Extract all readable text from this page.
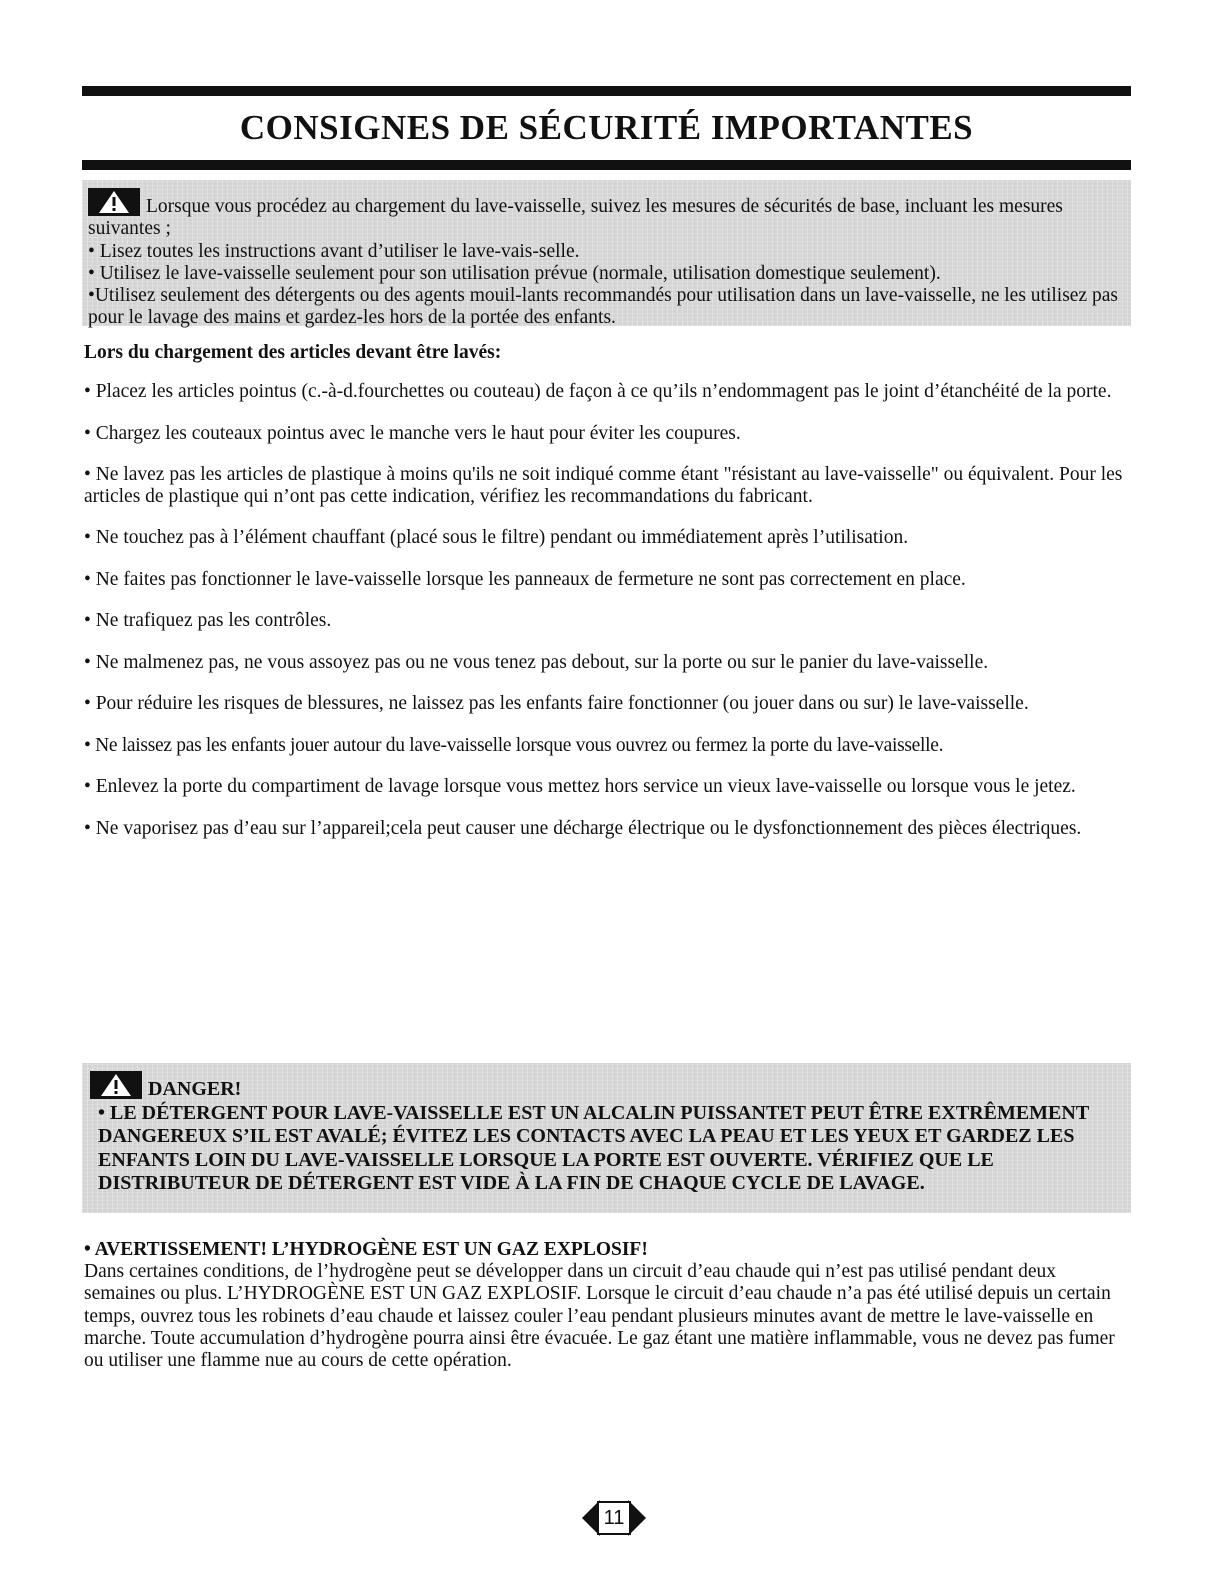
CONSIGNES DE SÉCURITÉ IMPORTANTES
Lorsque vous procédez au chargement du lave-vaisselle, suivez les mesures de sécurités de base, incluant les mesures suivantes ;
• Lisez toutes les instructions avant d’utiliser le lave-vais-selle.
• Utilisez le lave-vaisselle seulement pour son utilisation prévue (normale, utilisation domestique seulement).
•Utilisez seulement des détergents ou des agents mouil-lants recommandés pour utilisation dans un lave-vaisselle, ne les utilisez pas pour le lavage des mains et gardez-les hors de la portée des enfants.
Lors du chargement des articles devant être lavés:

• Placez les articles pointus (c.-à-d.fourchettes ou couteau) de façon à ce qu’ils n’endommagent pas le joint d’étanchéité de la porte.

• Chargez les couteaux pointus avec le manche vers le haut pour éviter les coupures.

• Ne lavez pas les articles de plastique à moins qu'ils ne soit indiqué comme étant "résistant au lave-vaisselle" ou équivalent. Pour les articles de plastique qui n’ont pas cette indication, vérifiez les recommandations du fabricant.

• Ne touchez pas à l’élément chauffant (placé sous le filtre) pendant ou immédiatement après l’utilisation.

• Ne faites pas fonctionner le lave-vaisselle lorsque les panneaux de fermeture ne sont pas correctement en place.

• Ne trafiquez pas les contrôles.

• Ne malmenez pas, ne vous assoyez pas ou ne vous tenez pas debout, sur la porte ou sur le panier du lave-vaisselle.

• Pour réduire les risques de blessures, ne laissez pas les enfants faire fonctionner (ou jouer dans ou sur) le lave-vaisselle.

• Ne laissez pas les enfants jouer autour du lave-vaisselle lorsque vous ouvrez ou fermez la porte du lave-vaisselle.

• Enlevez la porte du compartiment de lavage lorsque vous mettez hors service un vieux lave-vaisselle ou lorsque vous le jetez.

• Ne vaporisez pas d’eau sur l’appareil;cela peut causer une décharge électrique ou le dysfonctionnement des pièces électriques.

DANGER!
• LE DÉTERGENT POUR LAVE-VAISSELLE EST UN ALCALIN PUISSANTET PEUT ÊTRE EXTRÊMEMENT DANGEREUX S’IL EST AVALÉ; ÉVITEZ LES CONTACTS AVEC LA PEAU ET LES YEUX ET GARDEZ LES ENFANTS LOIN DU LAVE-VAISSELLE LORSQUE LA PORTE EST OUVERTE. VÉRIFIEZ QUE LE DISTRIBUTEUR DE DÉTERGENT EST VIDE À LA FIN DE CHAQUE CYCLE DE LAVAGE.

• AVERTISSEMENT! L’HYDROGÈNE EST UN GAZ EXPLOSIF!

Dans certaines conditions, de l’hydrogène peut se développer dans un circuit d’eau chaude qui n’est pas utilisé pendant deux semaines ou plus. L’HYDROGÈNE EST UN GAZ EXPLOSIF. Lorsque le circuit d’eau chaude n’a pas été utilisé depuis un certain temps, ouvrez tous les robinets d’eau chaude et laissez couler l’eau pendant plusieurs minutes avant de mettre le lave-vaisselle en marche. Toute accumulation d’hydrogène pourra ainsi être évacuée. Le gaz étant une matière inflammable, vous ne devez pas fumer ou utiliser une flamme nue au cours de cette opération.

11
